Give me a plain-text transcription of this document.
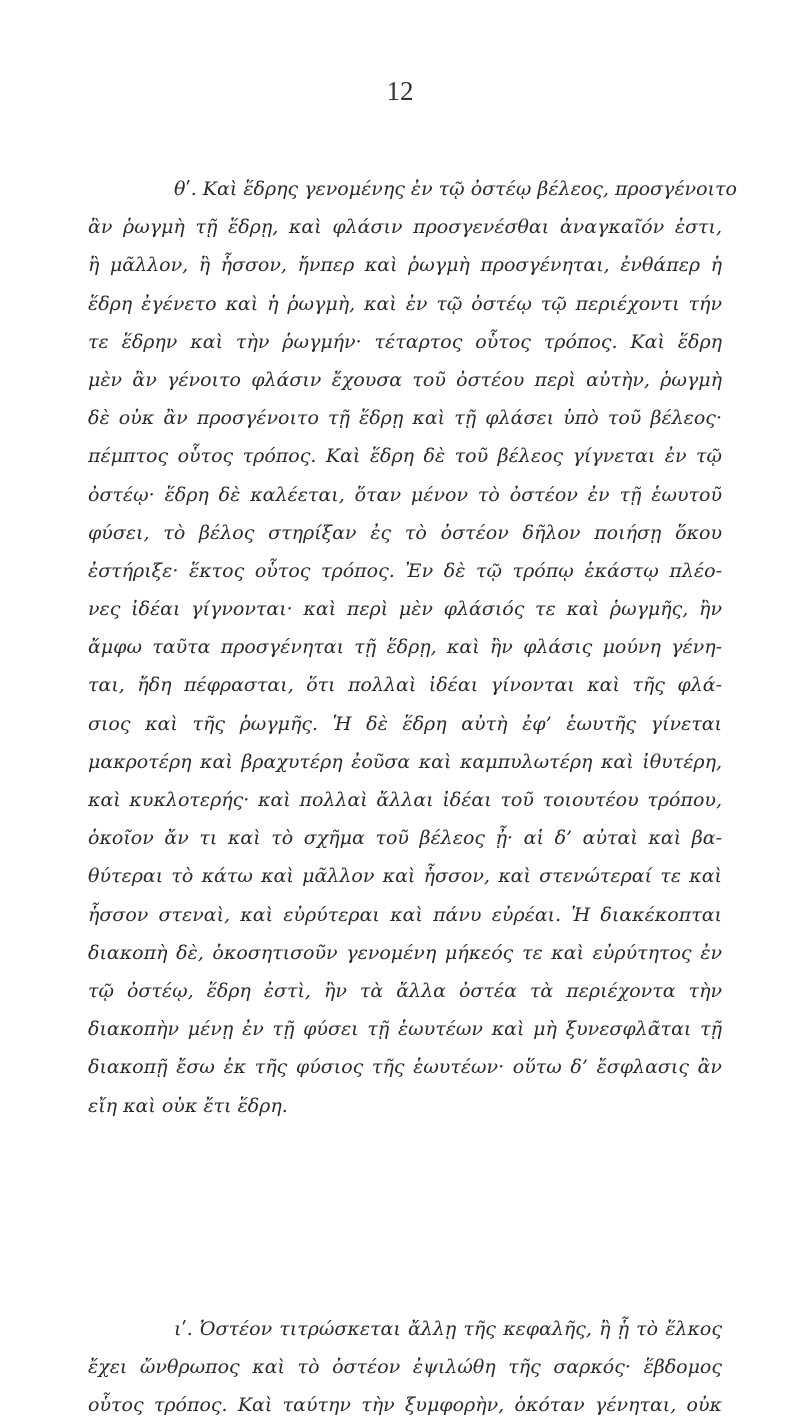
12
θʹ. Καὶ ἕδρης γενομένης ἐν τῷ ὀστέῳ βέλεος, προσγένοιτο
ἂν ῥωγμὴ τῇ ἕδρῃ, καὶ φλάσιν προσγενέσθαι ἀναγκαῖόν ἐστι,
ἢ μᾶλλον, ἢ ἧσσον, ἤνπερ καὶ ῥωγμὴ προσγένηται, ἐνθάπερ ἡ
ἕδρη ἐγένετο καὶ ἡ ῥωγμὴ, καὶ ἐν τῷ ὀστέῳ τῷ περιέχοντι τήν
τε ἕδρην καὶ τὴν ῥωγμήν· τέταρτος οὗτος τρόπος. Καὶ ἕδρη
μὲν ἂν γένοιτο φλάσιν ἔχουσα τοῦ ὀστέου περὶ αὐτὴν, ῥωγμὴ
δὲ οὐκ ἂν προσγένοιτο τῇ ἕδρῃ καὶ τῇ φλάσει ὑπὸ τοῦ βέλεος·
πέμπτος οὗτος τρόπος. Καὶ ἕδρη δὲ τοῦ βέλεος γίγνεται ἐν τῷ
ὀστέῳ· ἕδρη δὲ καλέεται, ὅταν μένον τὸ ὀστέον ἐν τῇ ἑωυτοῦ
φύσει, τὸ βέλος στηρίξαν ἐς τὸ ὀστέον δῆλον ποιήσῃ ὅκου
ἐστήριξε· ἕκτος οὗτος τρόπος. Ἐν δὲ τῷ τρόπῳ ἑκάστῳ πλέο-
νες ἰδέαι γίγνονται· καὶ περὶ μὲν φλάσιός τε καὶ ῥωγμῆς, ἢν
ἄμφω ταῦτα προσγένηται τῇ ἕδρῃ, καὶ ἢν φλάσις μούνη γένη-
ται, ἤδη πέφρασται, ὅτι πολλαὶ ἰδέαι γίνονται καὶ τῆς φλά-
σιος καὶ τῆς ῥωγμῆς. Ἡ δὲ ἕδρη αὐτὴ ἐφ’ ἑωυτῆς γίνεται
μακροτέρη καὶ βραχυτέρη ἐοῦσα καὶ καμπυλωτέρη καὶ ἰθυτέρη,
καὶ κυκλοτερής· καὶ πολλαὶ ἄλλαι ἰδέαι τοῦ τοιουτέου τρόπου,
ὁκοῖον ἄν τι καὶ τὸ σχῆμα τοῦ βέλεος ᾖ· αἱ δ’ αὐταὶ καὶ βα-
θύτεραι τὸ κάτω καὶ μᾶλλον καὶ ἧσσον, καὶ στενώτεραί τε καὶ
ἧσσον στεναὶ, καὶ εὐρύτεραι καὶ πάνυ εὐρέαι. Ἡ διακέκοπται
διακοπὴ δὲ, ὁκοσητισοῦν γενομένη μήκεός τε καὶ εὐρύτητος ἐν
τῷ ὀστέῳ, ἕδρη ἐστὶ, ἢν τὰ ἄλλα ὀστέα τὰ περιέχοντα τὴν
διακοπὴν μένῃ ἐν τῇ φύσει τῇ ἑωυτέων καὶ μὴ ξυνεσφλᾶται τῇ
διακοπῇ ἔσω ἐκ τῆς φύσιος τῆς ἑωυτέων· οὕτω δ’ ἔσφλασις ἂν
εἴη καὶ οὐκ ἔτι ἕδρη.
ιʹ. Ὀστέον τιτρώσκεται ἄλλῃ τῆς κεφαλῆς, ἢ ᾗ τὸ ἕλκος
ἔχει ὤνθρωπος καὶ τὸ ὀστέον ἐψιλώθη τῆς σαρκός· ἕβδομος
οὗτος τρόπος. Καὶ ταύτην τὴν ξυμφορὴν, ὁκόταν γένηται, οὐκ
